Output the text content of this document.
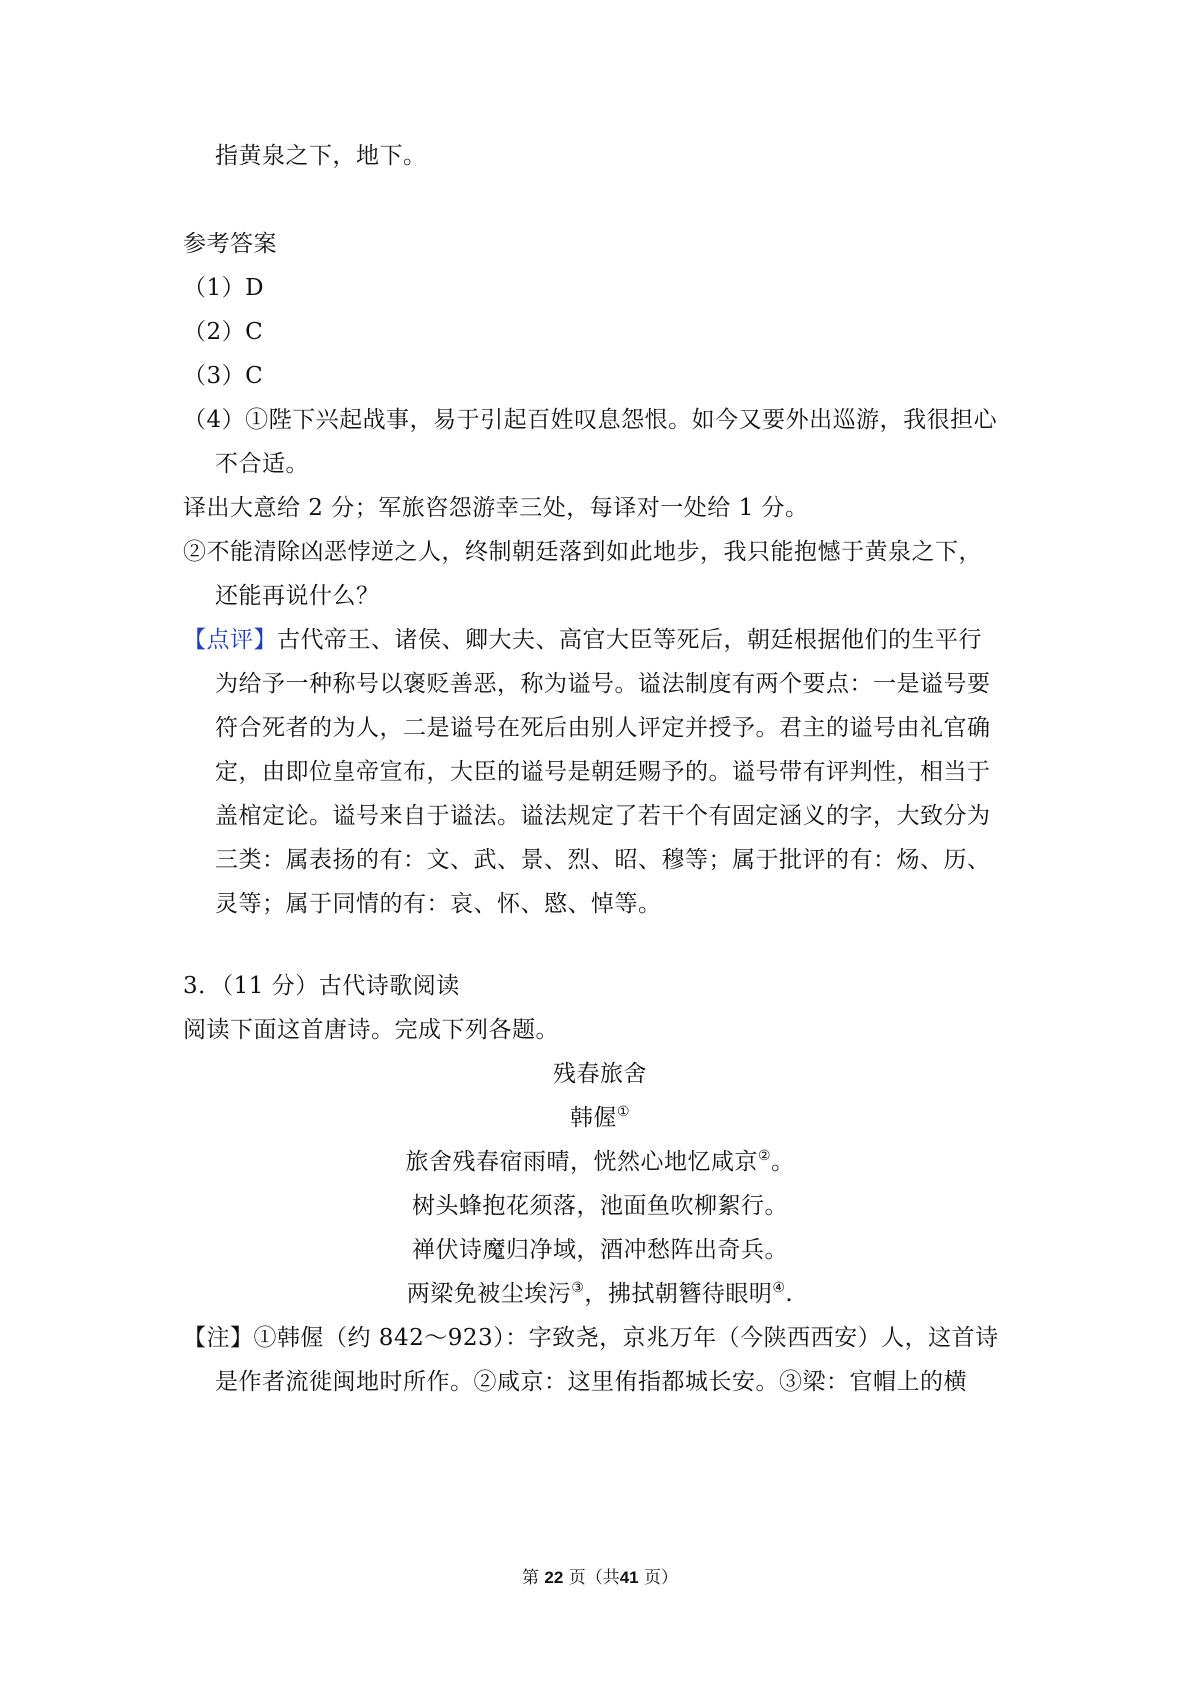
指黄泉之下，地下。
参考答案
（1）D
（2）C
（3）C
（4）①陛下兴起战事，易于引起百姓叹息怨恨。如今又要外出巡游，我很担心
不合适。
译出大意给 2 分；军旅咨怨游幸三处，每译对一处给 1 分。
②不能清除凶恶悖逆之人，终制朝廷落到如此地步，我只能抱憾于黄泉之下，
还能再说什么？
【点评】古代帝王、诸侯、卿大夫、高官大臣等死后，朝廷根据他们的生平行
为给予一种称号以褒贬善恶，称为谥号。谥法制度有两个要点：一是谥号要
符合死者的为人，二是谥号在死后由别人评定并授予。君主的谥号由礼官确
定，由即位皇帝宣布，大臣的谥号是朝廷赐予的。谥号带有评判性，相当于
盖棺定论。谥号来自于谥法。谥法规定了若干个有固定涵义的字，大致分为
三类：属表扬的有：文、武、景、烈、昭、穆等；属于批评的有：炀、历、
灵等；属于同情的有：哀、怀、愍、悼等。
3．（11 分）古代诗歌阅读
阅读下面这首唐诗。完成下列各题。
残春旅舍
韩偓①
旅舍残春宿雨晴，恍然心地忆咸京②。
树头蜂抱花须落，池面鱼吹柳絮行。
禅伏诗魔归净域，酒冲愁阵出奇兵。
两梁免被尘埃污③，拂拭朝簪待眼明④.
【注】①韩偓（约 842～923）：字致尧，京兆万年（今陕西西安）人，这首诗
是作者流徙闽地时所作。②咸京：这里侑指都城长安。③梁：官帽上的横
第 22 页（共41 页）
